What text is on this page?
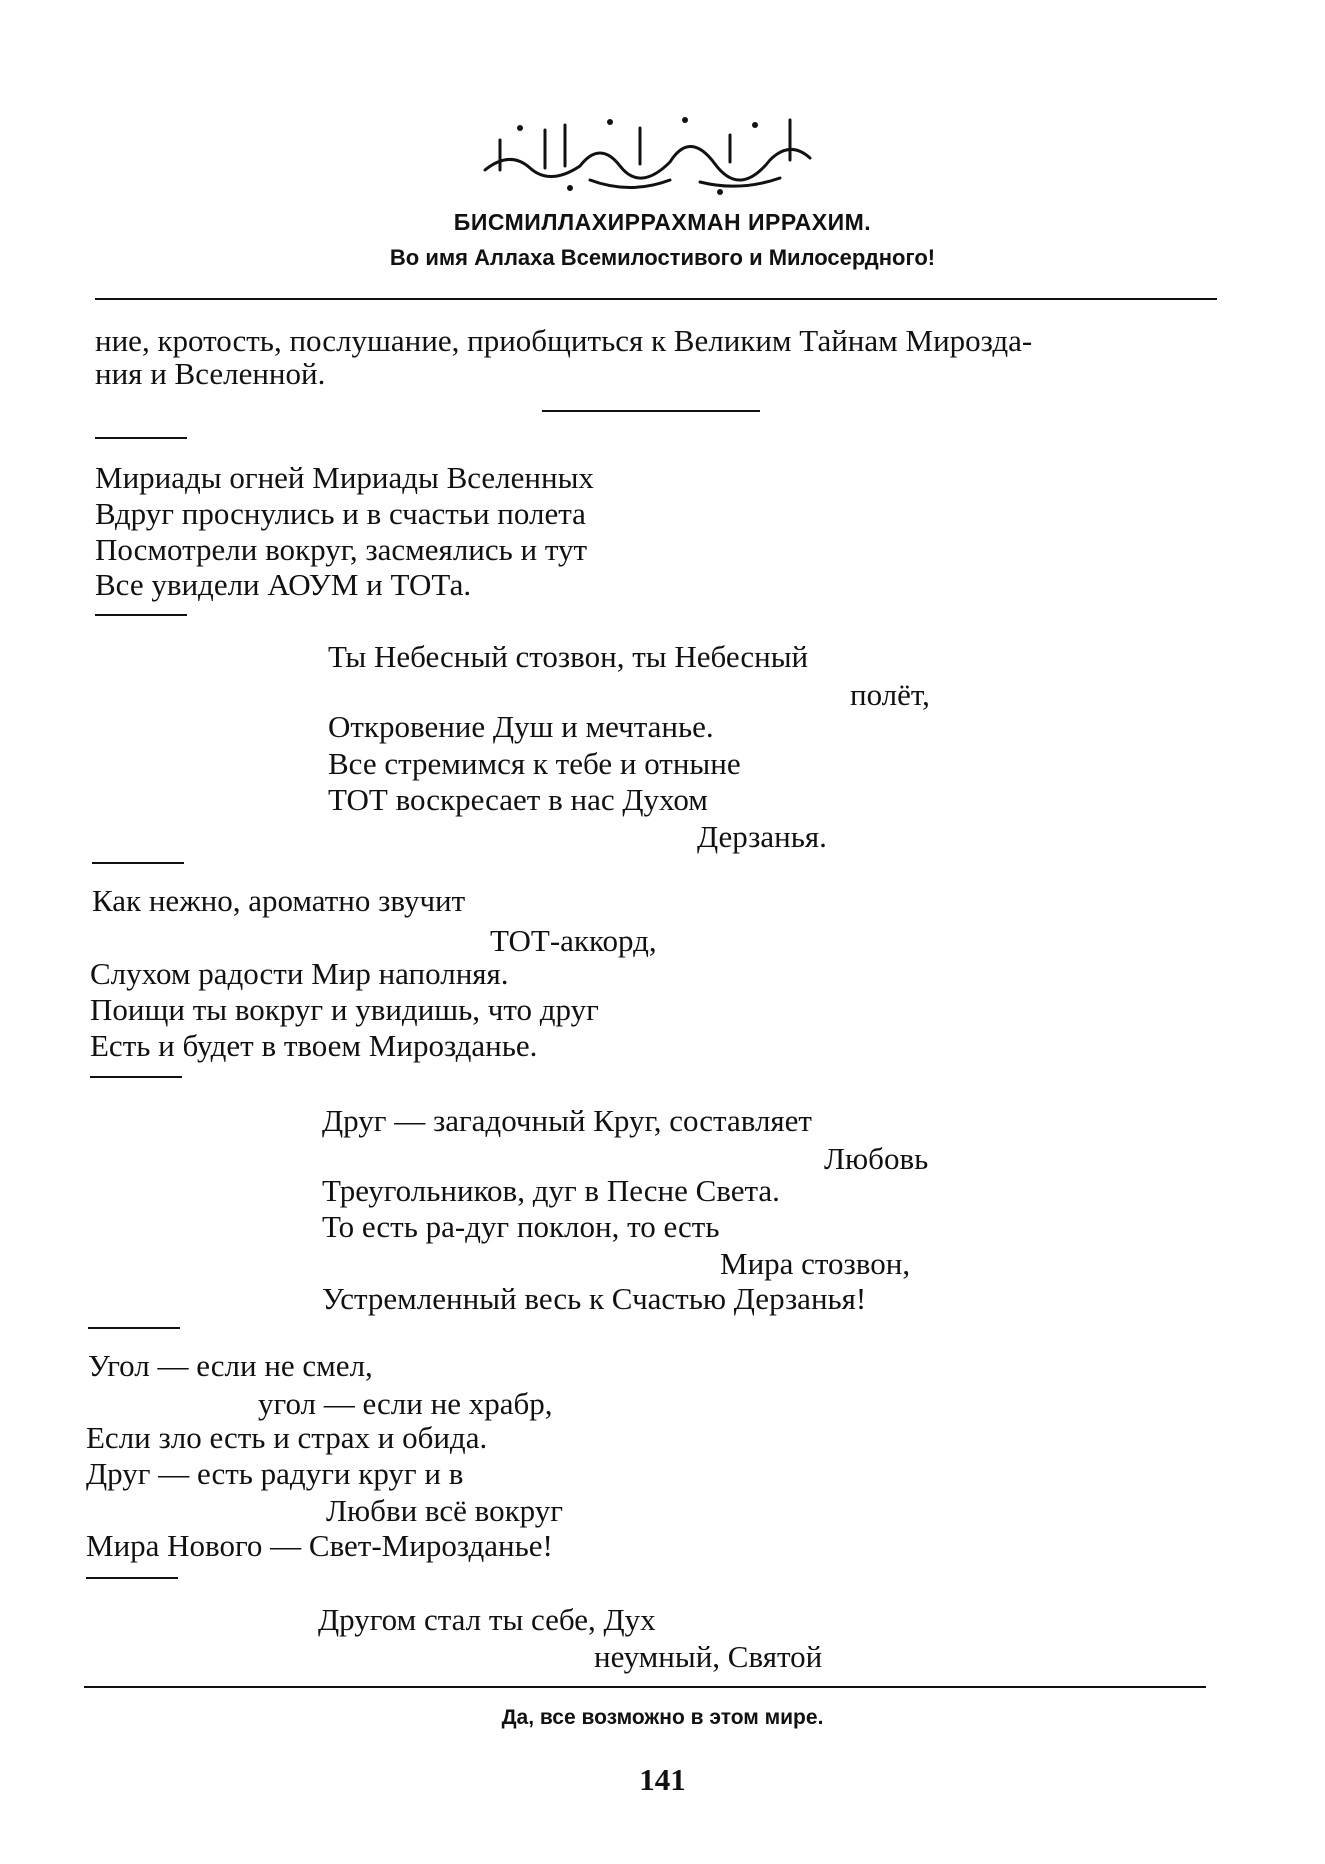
БИСМИЛЛАХИРРАХМАН ИРРАХИМ.
Во имя Аллаха Всемилостивого и Милосердного!
ние, кротость, послушание, приобщиться к Великим Тайнам Мирозда-
ния и Вселенной.
Мириады огней Мириады Вселенных
Вдруг проснулись и в счастьи полета
Посмотрели вокруг, засмеялись и тут
Все увидели АОУМ и ТОТа.
Ты Небесный стозвон, ты Небесный
полёт,
Откровение Душ и мечтанье.
Все стремимся к тебе и отныне
ТОТ воскресает в нас Духом
Дерзанья.
Как нежно, ароматно звучит
ТОТ-аккорд,
Слухом радости Мир наполняя.
Поищи ты вокруг и увидишь, что друг
Есть и будет в твоем Мирозданье.
Друг — загадочный Круг, составляет
Любовь
Треугольников, дуг в Песне Света.
То есть ра-дуг поклон, то есть
Мира стозвон,
Устремленный весь к Счастью Дерзанья!
Угол — если не смел,
угол — если не храбр,
Если зло есть и страх и обида.
Друг — есть радуги круг и в
Любви всё вокруг
Мира Нового — Свет-Мирозданье!
Другом стал ты себе, Дух
неумный, Святой
Да, все возможно в этом мире.
141
